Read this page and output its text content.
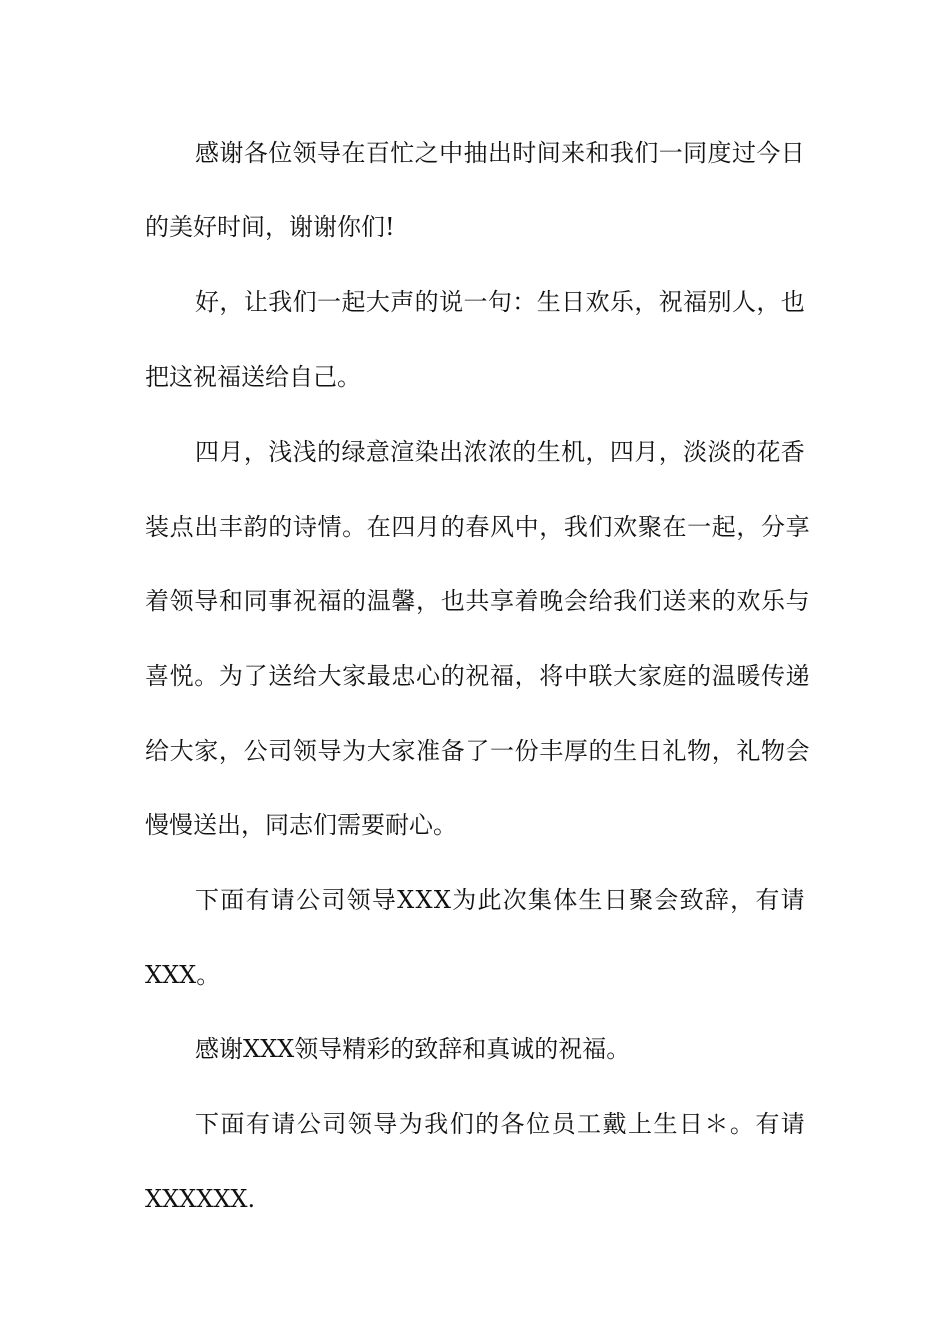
感 谢 各 位 领 导 在 百 忙 之 中 抽 出 时 间 来 和 我 们 一 同 度 过 今 日
的美好时间，谢谢你们!
好 ， 让 我 们 一 起 大 声 的 说 一 句 ： 生 日 欢 乐 ， 祝 福 别 人 ， 也
把这祝福送给自己。
四 月 ， 浅 浅 的 绿 意 渲 染 出 浓 浓 的 生 机 ， 四 月 ， 淡 淡 的 花 香
装 点 出 丰 韵 的 诗 情 。 在 四 月 的 春 风 中 ， 我 们 欢 聚 在 一 起 ， 分 享
着 领 导 和 同 事 祝 福 的 温 馨 ， 也 共 享 着 晚 会 给 我 们 送 来 的 欢 乐 与
喜 悦 。 为 了 送 给 大 家 最 忠 心 的 祝 福 ， 将 中 联 大 家 庭 的 温 暖 传 递
给 大 家 ， 公 司 领 导 为 大 家 准 备 了 一 份 丰 厚 的 生 日 礼 物 ， 礼 物 会
慢慢送出，同志们需要耐心。
下 面 有 请 公 司 领 导 X X X 为 此 次 集 体 生 日 聚 会 致 辞 ， 有 请
XXX。
感谢XXX领导精彩的致辞和真诚的祝福。
下 面 有 请 公 司 领 导 为 我 们 的 各 位 员 工 戴 上 生 日 ＊ 。 有 请
XXXXXX.
